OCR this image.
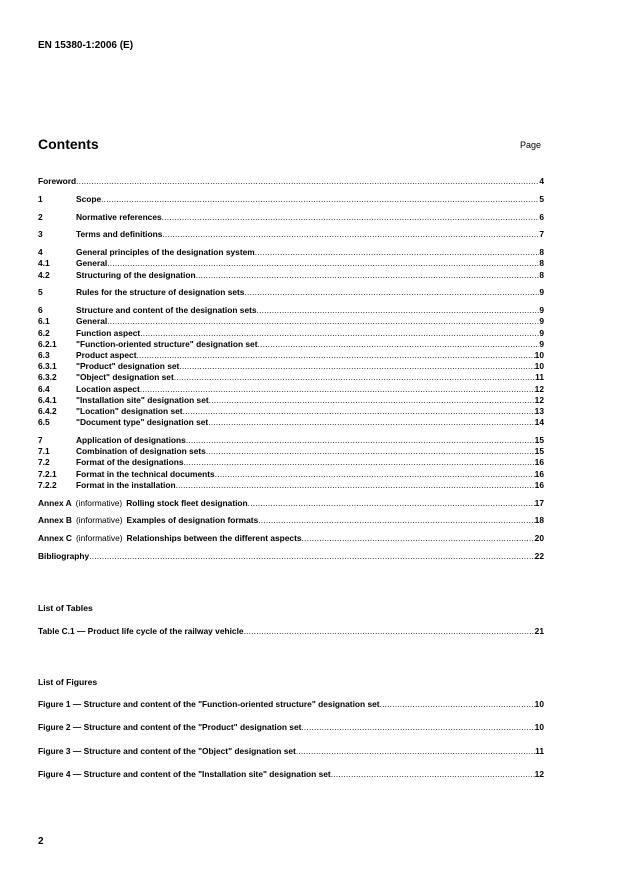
EN 15380-1:2006 (E)
Contents	Page
Foreword .....	4
1	Scope .....	5
2	Normative references .....	6
3	Terms and definitions .....	7
4	General principles of the designation system .....	8
4.1	General .....	8
4.2	Structuring of the designation .....	8
5	Rules for the structure of designation sets .....	9
6	Structure and content of the designation sets .....	9
6.1	General .....	9
6.2	Function aspect .....	9
6.2.1	"Function-oriented structure" designation set .....	9
6.3	Product aspect .....	10
6.3.1	"Product" designation set .....	10
6.3.2	"Object" designation set .....	11
6.4	Location aspect .....	12
6.4.1	"Installation site" designation set .....	12
6.4.2	"Location" designation set .....	13
6.5	"Document type" designation set .....	14
7	Application of designations .....	15
7.1	Combination of designation sets .....	15
7.2	Format of the designations .....	16
7.2.1	Format in the technical documents .....	16
7.2.2	Format in the installation .....	16
Annex A (informative) Rolling stock fleet designation .....	17
Annex B (informative) Examples of designation formats .....	18
Annex C (informative) Relationships between the different aspects .....	20
Bibliography .....	22
List of Tables
Table C.1 — Product life cycle of the railway vehicle .....	21
List of Figures
Figure 1 — Structure and content of the "Function-oriented structure" designation set .....	10
Figure 2 — Structure and content of the "Product" designation set .....	10
Figure 3 — Structure and content of the "Object" designation set .....	11
Figure 4 — Structure and content of the "Installation site" designation set .....	12
2
